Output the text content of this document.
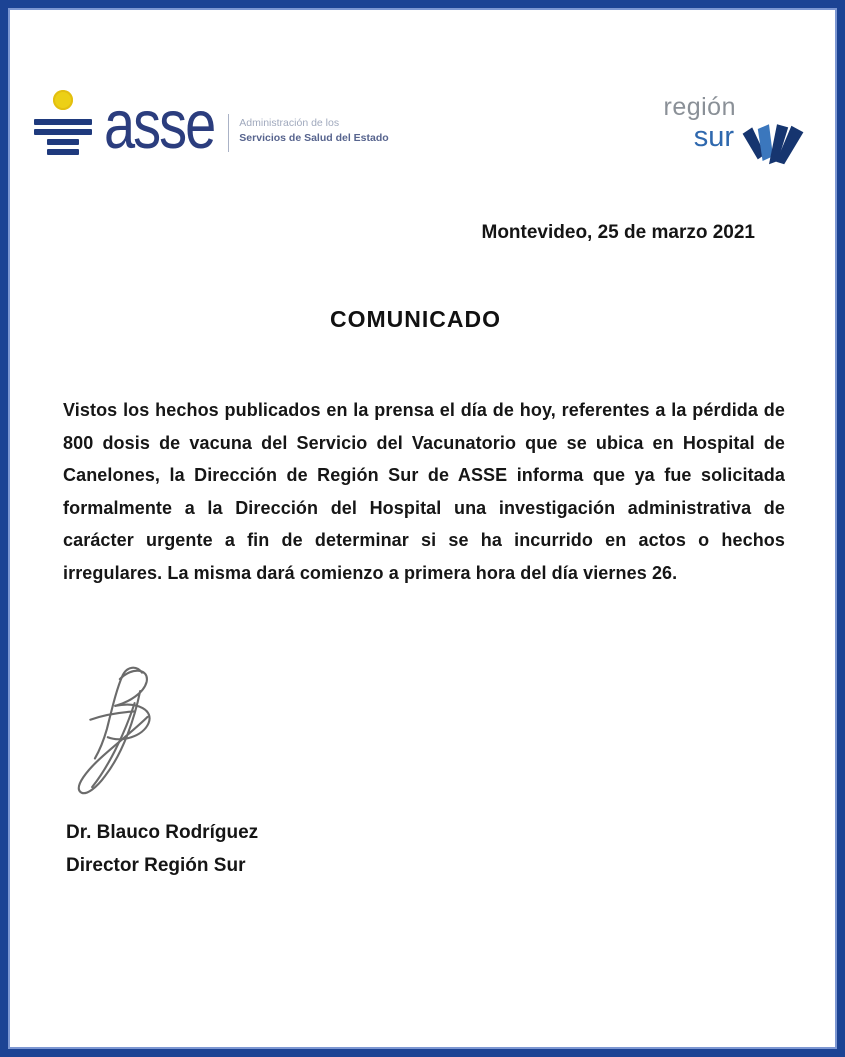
asse Administración de los
Servicios de Salud del Estado
región
sur
Montevideo, 25 de marzo 2021
COMUNICADO
Vistos los hechos publicados en la prensa el día de hoy, referentes a la pérdida de
800 dosis de vacuna del Servicio del Vacunatorio que se ubica en Hospital de
Canelones, la Dirección de Región Sur de ASSE informa que ya fue solicitada
formalmente a la Dirección del Hospital una investigación administrativa de
carácter urgente a fin de determinar si se ha incurrido en actos o hechos
irregulares. La misma dará comienzo a primera hora del día viernes 26.
Dr. Blauco Rodríguez
Director Región Sur
